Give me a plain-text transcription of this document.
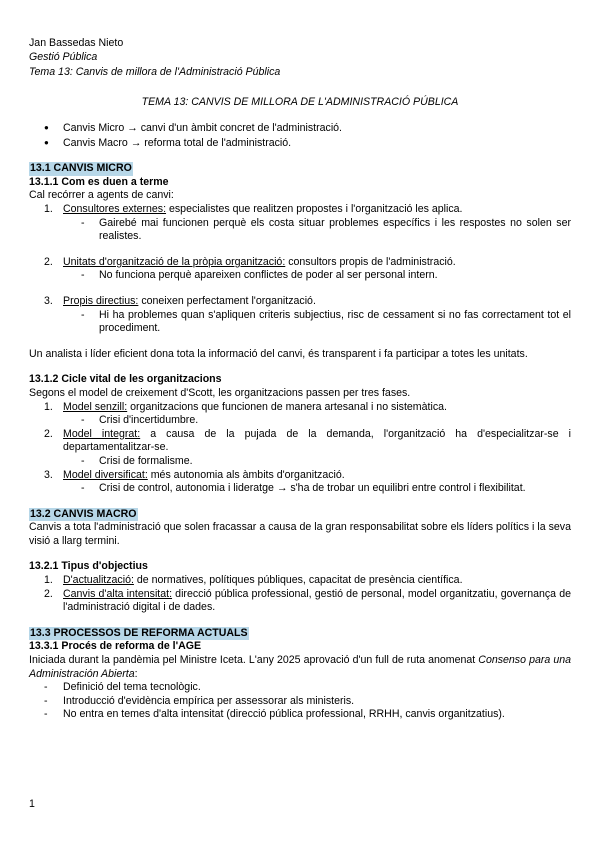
Jan Bassedas Nieto
Gestió Pública
Tema 13: Canvis de millora de l'Administració Pública
TEMA 13: CANVIS DE MILLORA DE L'ADMINISTRACIÓ PÚBLICA
● Canvis Micro → canvi d'un àmbit concret de l'administració.
● Canvis Macro → reforma total de l'administració.
13.1 CANVIS MICRO
13.1.1 Com es duen a terme

Cal recórrer a agents de canvi:

1. Consultores externes: especialistes que realitzen propostes i l'organització les aplica.
- Gairebé mai funcionen perquè els costa situar problemes específics i les respostes no solen ser realistes.
2. Unitats d'organització de la pròpia organització: consultors propis de l'administració.
- No funciona perquè apareixen conflictes de poder al ser personal intern.
3. Propis directius: coneixen perfectament l'organització.
- Hi ha problemes quan s'apliquen criteris subjectius, risc de cessament si no fas correctament tot el procediment.

Un analista i líder eficient dona tota la informació del canvi, és transparent i fa participar a totes les unitats.

13.1.2 Cicle vital de les organitzacions

Segons el model de creixement d'Scott, les organitzacions passen per tres fases.

1. Model senzill: organitzacions que funcionen de manera artesanal i no sistemàtica.
- Crisi d'incertidumbre.
2. Model integrat: a causa de la pujada de la demanda, l'organització ha d'especialitzar-se i departamentalitzar-se.
- Crisi de formalisme.
3. Model diversificat: més autonomia als àmbits d'organització.
- Crisi de control, autonomia i lideratge → s'ha de trobar un equilibri entre control i flexibilitat.
13.2 CANVIS MACRO

Canvis a tota l'administració que solen fracassar a causa de la gran responsabilitat sobre els líders polítics i la seva visió a llarg termini.

13.2.1 Tipus d'objectius
1. D'actualització: de normatives, polítiques públiques, capacitat de presència científica.
2. Canvis d'alta intensitat: direcció pública professional, gestió de personal, model organitzatiu, governança de l'administració digital i de dades.
13.3 PROCESSOS DE REFORMA ACTUALS
13.3.1 Procés de reforma de l'AGE

Iniciada durant la pandèmia pel Ministre Iceta. L'any 2025 aprovació d'un full de ruta anomenat Consenso para una Administración Abierta:

- Definició del tema tecnològic.
- Introducció d'evidència empírica per assessorar als ministeris.
- No entra en temes d'alta intensitat (direcció pública professional, RRHH, canvis organitzatius).
1
